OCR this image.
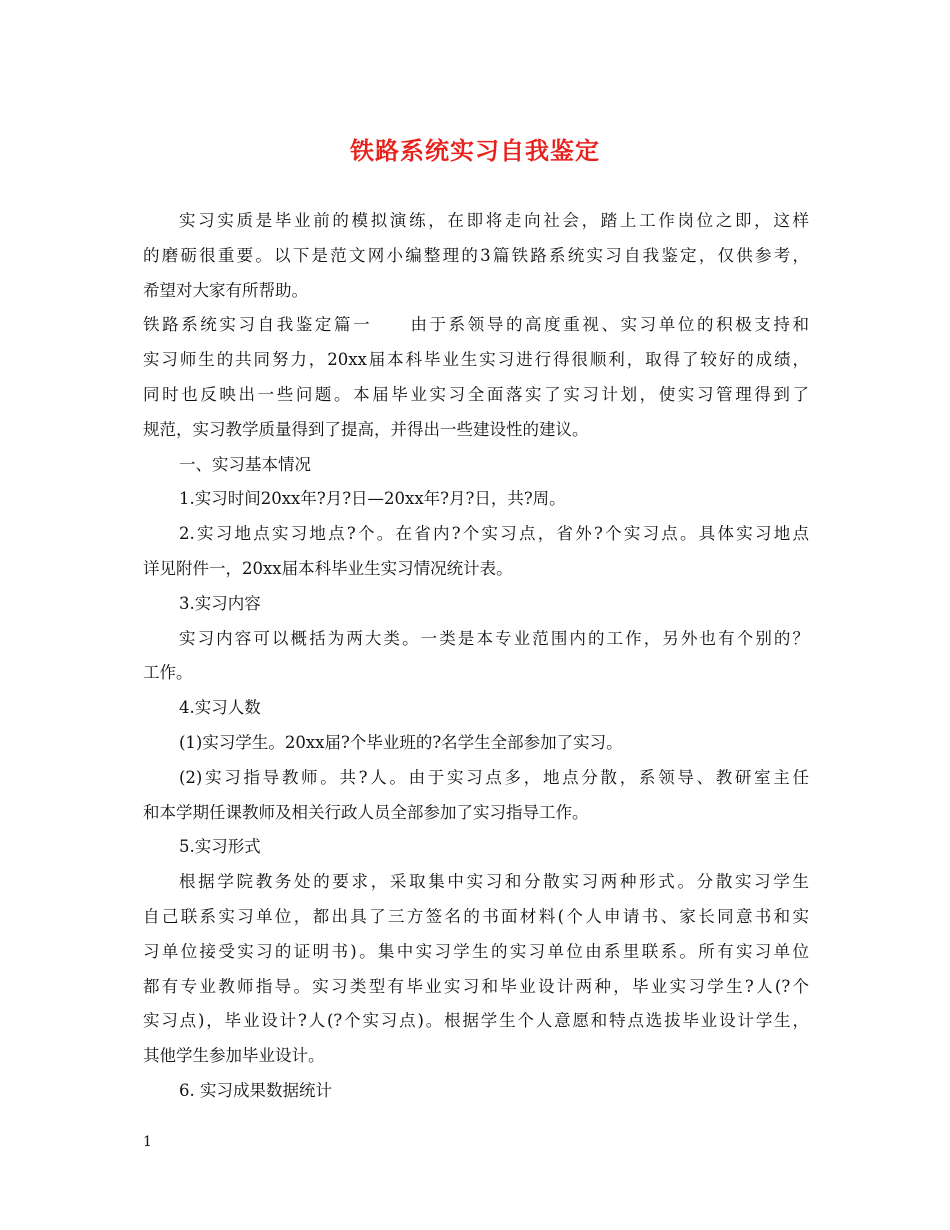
铁路系统实习自我鉴定
实习实质是毕业前的模拟演练，在即将走向社会，踏上工作岗位之即，这样
的磨砺很重要。以下是范文网小编整理的3篇铁路系统实习自我鉴定，仅供参考，
希望对大家有所帮助。
铁路系统实习自我鉴定篇一　　由于系领导的高度重视、实习单位的积极支持和
实习师生的共同努力，20xx届本科毕业生实习进行得很顺利，取得了较好的成绩，
同时也反映出一些问题。本届毕业实习全面落实了实习计划，使实习管理得到了
规范，实习教学质量得到了提高，并得出一些建设性的建议。
一、实习基本情况
1.实习时间20xx年?月?日—20xx年?月?日，共?周。
2.实习地点实习地点?个。在省内?个实习点，省外?个实习点。具体实习地点
详见附件一，20xx届本科毕业生实习情况统计表。
3.实习内容
实习内容可以概括为两大类。一类是本专业范围内的工作，另外也有个别的？
工作。
4.实习人数
(1)实习学生。20xx届?个毕业班的?名学生全部参加了实习。
(2)实习指导教师。共?人。由于实习点多，地点分散，系领导、教研室主任
和本学期任课教师及相关行政人员全部参加了实习指导工作。
5.实习形式
根据学院教务处的要求，采取集中实习和分散实习两种形式。分散实习学生
自己联系实习单位，都出具了三方签名的书面材料(个人申请书、家长同意书和实
习单位接受实习的证明书)。集中实习学生的实习单位由系里联系。所有实习单位
都有专业教师指导。实习类型有毕业实习和毕业设计两种，毕业实习学生?人(?个
实习点)，毕业设计?人(?个实习点)。根据学生个人意愿和特点选拔毕业设计学生，
其他学生参加毕业设计。
6. 实习成果数据统计
1
